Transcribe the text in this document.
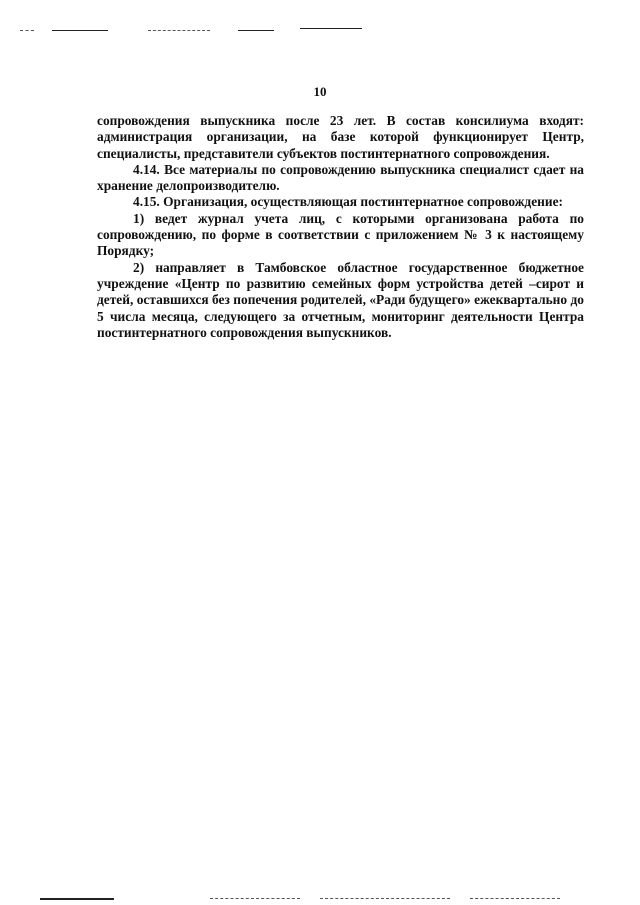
10

сопровождения выпускника после 23 лет. В состав консилиума входят: администрация организации, на базе которой функционирует Центр, специалисты, представители субъектов постинтернатного сопровождения.

4.14. Все материалы по сопровождению выпускника специалист сдает на хранение делопроизводителю.

4.15. Организация, осуществляющая постинтернатное сопровождение:

1) ведет журнал учета лиц, с которыми организована работа по сопровождению, по форме в соответствии с приложением № 3 к настоящему Порядку;

2) направляет в Тамбовское областное государственное бюджетное учреждение «Центр по развитию семейных форм устройства детей –сирот и детей, оставшихся без попечения родителей, «Ради будущего» ежеквартально до 5 числа месяца, следующего за отчетным, мониторинг деятельности Центра постинтернатного сопровождения выпускников.
